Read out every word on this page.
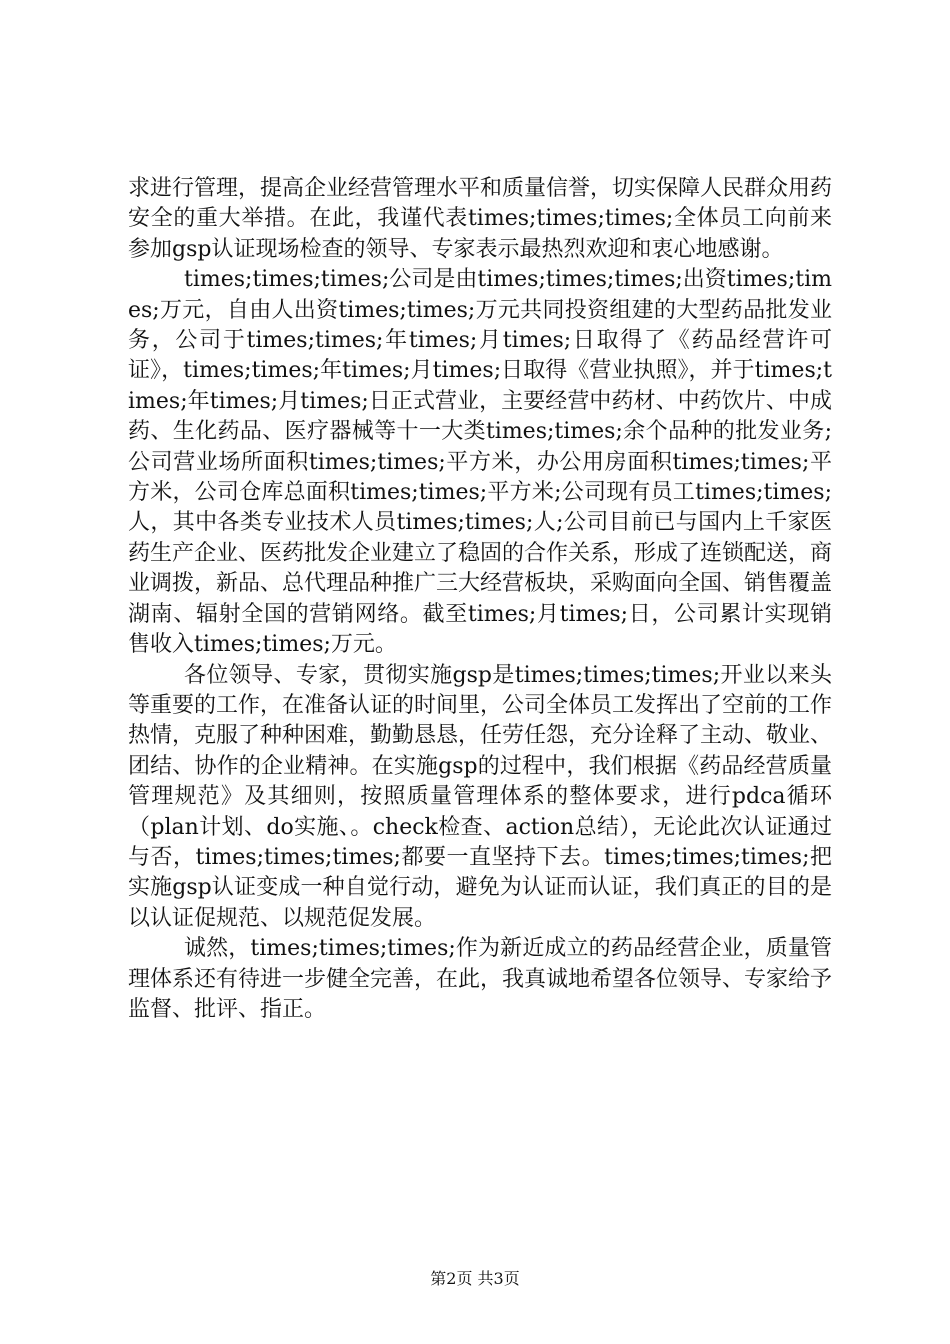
求进行管理，提高企业经营管理水平和质量信誉，切实保障人民群众用药安全的重大举措。在此，我谨代表times;times;times;全体员工向前来参加gsp认证现场检查的领导、专家表示最热烈欢迎和衷心地感谢。

times;times;times;公司是由times;times;times;出资times;times;万元，自由人出资times;times;万元共同投资组建的大型药品批发业务，公司于times;times;年times;月times;日取得了《药品经营许可证》，times;times;年times;月times;日取得《营业执照》，并于times;times;年times;月times;日正式营业，主要经营中药材、中药饮片、中成药、生化药品、医疗器械等十一大类times;times;余个品种的批发业务;公司营业场所面积times;times;平方米，办公用房面积times;times;平方米，公司仓库总面积times;times;平方米;公司现有员工times;times;人，其中各类专业技术人员times;times;人;公司目前已与国内上千家医药生产企业、医药批发企业建立了稳固的合作关系，形成了连锁配送，商业调拨，新品、总代理品种推广三大经营板块，采购面向全国、销售覆盖湖南、辐射全国的营销网络。截至times;月times;日，公司累计实现销售收入times;times;万元。

各位领导、专家，贯彻实施gsp是times;times;times;开业以来头等重要的工作，在准备认证的时间里，公司全体员工发挥出了空前的工作热情，克服了种种困难，勤勤恳恳，任劳任怨，充分诠释了主动、敬业、团结、协作的企业精神。在实施gsp的过程中，我们根据《药品经营质量管理规范》及其细则，按照质量管理体系的整体要求，进行pdca循环（plan计划、do实施、。check检查、action总结），无论此次认证通过与否，times;times;times;都要一直坚持下去。times;times;times;把实施gsp认证变成一种自觉行动，避免为认证而认证，我们真正的目的是以认证促规范、以规范促发展。

诚然，times;times;times;作为新近成立的药品经营企业，质量管理体系还有待进一步健全完善，在此，我真诚地希望各位领导、专家给予监督、批评、指正。

第2页 共3页
